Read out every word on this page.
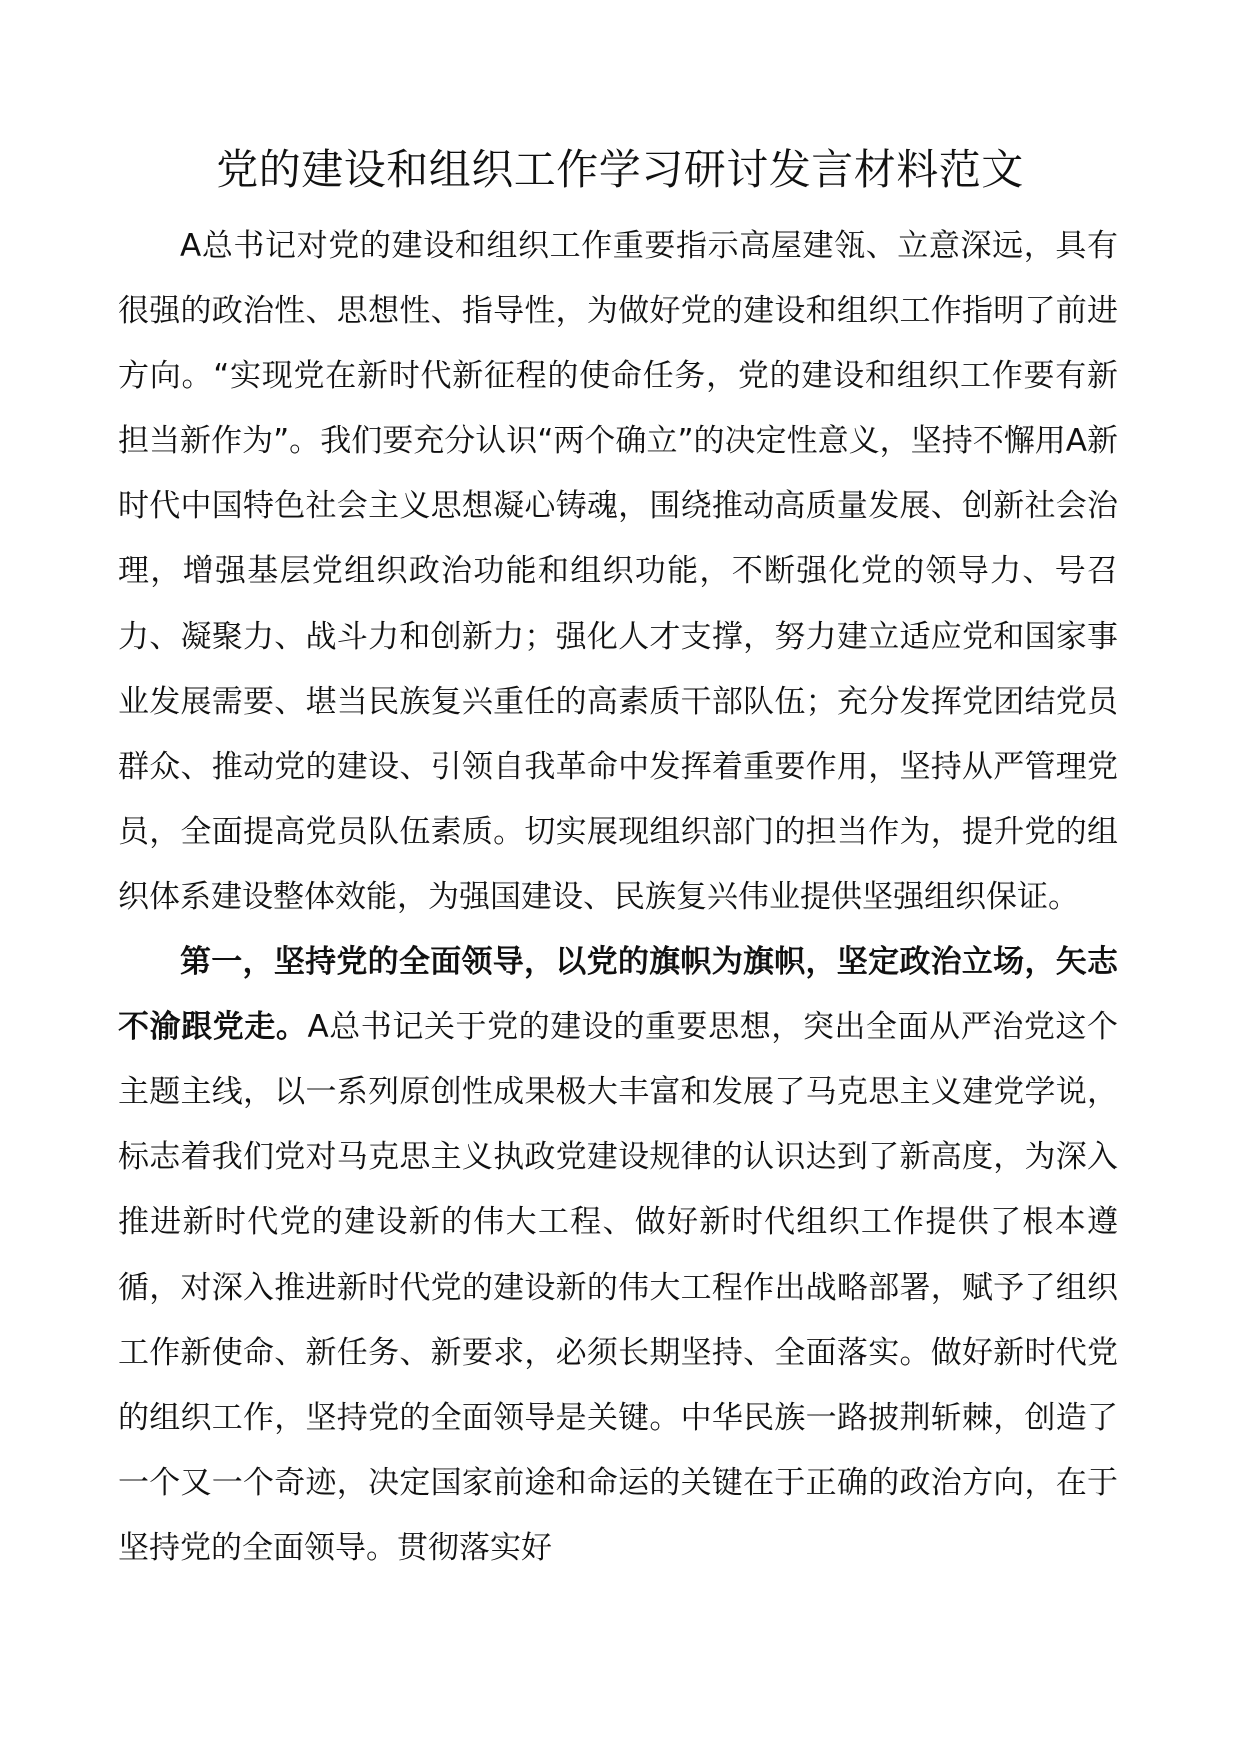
党的建设和组织工作学习研讨发言材料范文

A总书记对党的建设和组织工作重要指示高屋建瓴、立意深远，具有很强的政治性、思想性、指导性，为做好党的建设和组织工作指明了前进方向。“实现党在新时代新征程的使命任务，党的建设和组织工作要有新担当新作为”。我们要充分认识“两个确立”的决定性意义，坚持不懈用A新时代中国特色社会主义思想凝心铸魂，围绕推动高质量发展、创新社会治理，增强基层党组织政治功能和组织功能，不断强化党的领导力、号召力、凝聚力、战斗力和创新力；强化人才支撑，努力建立适应党和国家事业发展需要、堪当民族复兴重任的高素质干部队伍；充分发挥党团结党员群众、推动党的建设、引领自我革命中发挥着重要作用，坚持从严管理党员，全面提高党员队伍素质。切实展现组织部门的担当作为，提升党的组织体系建设整体效能，为强国建设、民族复兴伟业提供坚强组织保证。

第一，坚持党的全面领导，以党的旗帜为旗帜，坚定政治立场，矢志不渝跟党走。A总书记关于党的建设的重要思想，突出全面从严治党这个主题主线，以一系列原创性成果极大丰富和发展了马克思主义建党学说，标志着我们党对马克思主义执政党建设规律的认识达到了新高度，为深入推进新时代党的建设新的伟大工程、做好新时代组织工作提供了根本遵循，对深入推进新时代党的建设新的伟大工程作出战略部署，赋予了组织工作新使命、新任务、新要求，必须长期坚持、全面落实。做好新时代党的组织工作，坚持党的全面领导是关键。中华民族一路披荆斩棘，创造了一个又一个奇迹，决定国家前途和命运的关键在于正确的政治方向，在于坚持党的全面领导。贯彻落实好
